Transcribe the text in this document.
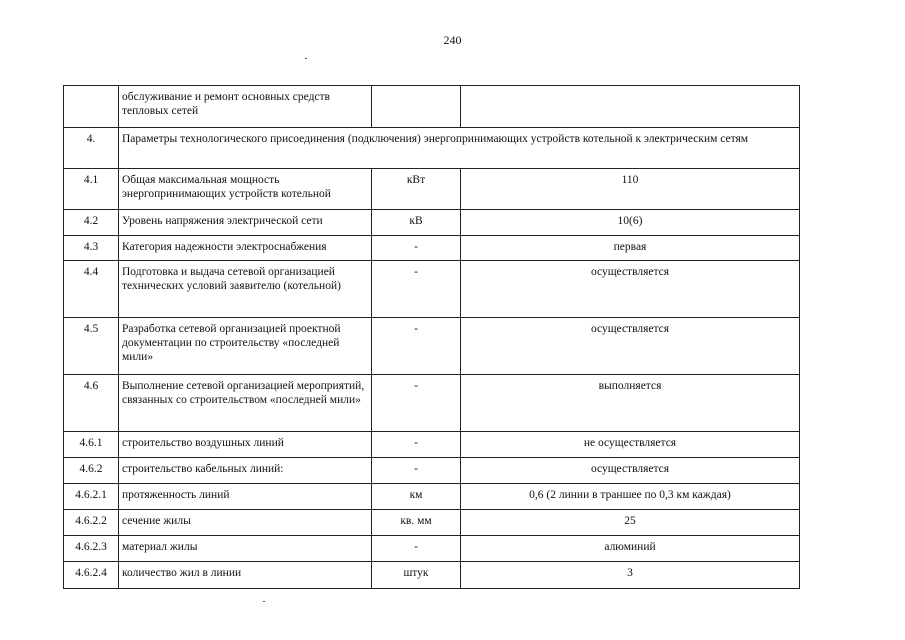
240
	обслуживание и ремонт основных средств тепловых сетей		
4.	Параметры технологического присоединения (подключения) энергопринимающих устройств котельной к электрическим сетям		
4.1	Общая максимальная мощность энергопринимающих устройств котельной	кВт	110
4.2	Уровень напряжения электрической сети	кВ	10(6)
4.3	Категория надежности электроснабжения	-	первая
4.4	Подготовка и выдача сетевой организацией технических условий заявителю (котельной)	-	осуществляется
4.5	Разработка сетевой организацией проектной документации по строительству «последней мили»	-	осуществляется
4.6	Выполнение сетевой организацией мероприятий, связанных со строительством «последней мили»	-	выполняется
4.6.1	строительство воздушных линий	-	не осуществляется
4.6.2	строительство кабельных линий:	-	осуществляется
4.6.2.1	протяженность линий	км	0,6 (2 линии в траншее по 0,3 км каждая)
4.6.2.2	сечение жилы	кв. мм	25
4.6.2.3	материал жилы	-	алюминий
4.6.2.4	количество жил в линии	штук	3
